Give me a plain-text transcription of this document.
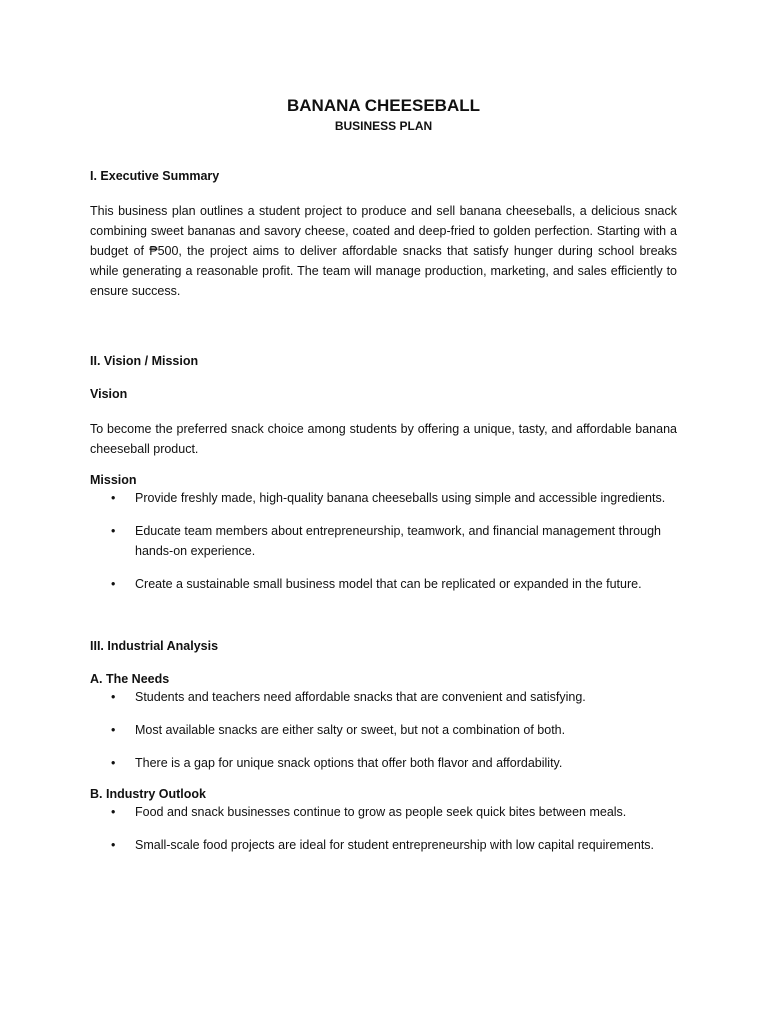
BANANA CHEESEBALL
BUSINESS PLAN
I. Executive Summary

This business plan outlines a student project to produce and sell banana cheeseballs, a delicious snack combining sweet bananas and savory cheese, coated and deep-fried to golden perfection. Starting with a budget of ₱500, the project aims to deliver affordable snacks that satisfy hunger during school breaks while generating a reasonable profit. The team will manage production, marketing, and sales efficiently to ensure success.

II. Vision / Mission
Vision

To become the preferred snack choice among students by offering a unique, tasty, and affordable banana cheeseball product.

Mission
• Provide freshly made, high-quality banana cheeseballs using simple and accessible ingredients.
• Educate team members about entrepreneurship, teamwork, and financial management through hands-on experience.
• Create a sustainable small business model that can be replicated or expanded in the future.
III. Industrial Analysis
A. The Needs
• Students and teachers need affordable snacks that are convenient and satisfying.
• Most available snacks are either salty or sweet, but not a combination of both.
• There is a gap for unique snack options that offer both flavor and affordability.
B. Industry Outlook
• Food and snack businesses continue to grow as people seek quick bites between meals.
• Small-scale food projects are ideal for student entrepreneurship with low capital requirements.
